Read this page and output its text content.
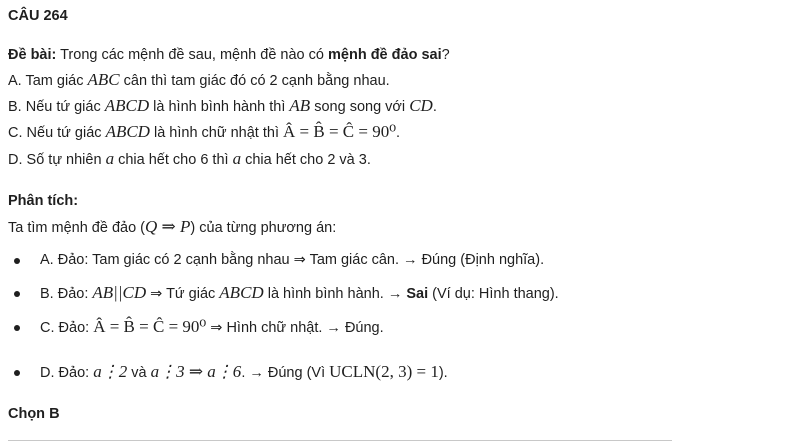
CÂU 264
Đề bài: Trong các mệnh đề sau, mệnh đề nào có mệnh đề đảo sai?
A. Tam giác ABC cân thì tam giác đó có 2 cạnh bằng nhau.
B. Nếu tứ giác ABCD là hình bình hành thì AB song song với CD.
C. Nếu tứ giác ABCD là hình chữ nhật thì Â = B̂ = Ĉ = 90⁰.
D. Số tự nhiên a chia hết cho 6 thì a chia hết cho 2 và 3.
Phân tích:
Ta tìm mệnh đề đảo (Q ⇒ P) của từng phương án:
A. Đảo: Tam giác có 2 cạnh bằng nhau ⇒ Tam giác cân. → Đúng (Định nghĩa).
B. Đảo: AB||CD ⇒ Tứ giác ABCD là hình bình hành. → Sai (Ví dụ: Hình thang).
C. Đảo: Â = B̂ = Ĉ = 90⁰ ⇒ Hình chữ nhật. → Đúng.
D. Đảo: a⋮2 và a⋮3 ⇒ a⋮6. → Đúng (Vì UCLN(2, 3) = 1).
Chọn B
